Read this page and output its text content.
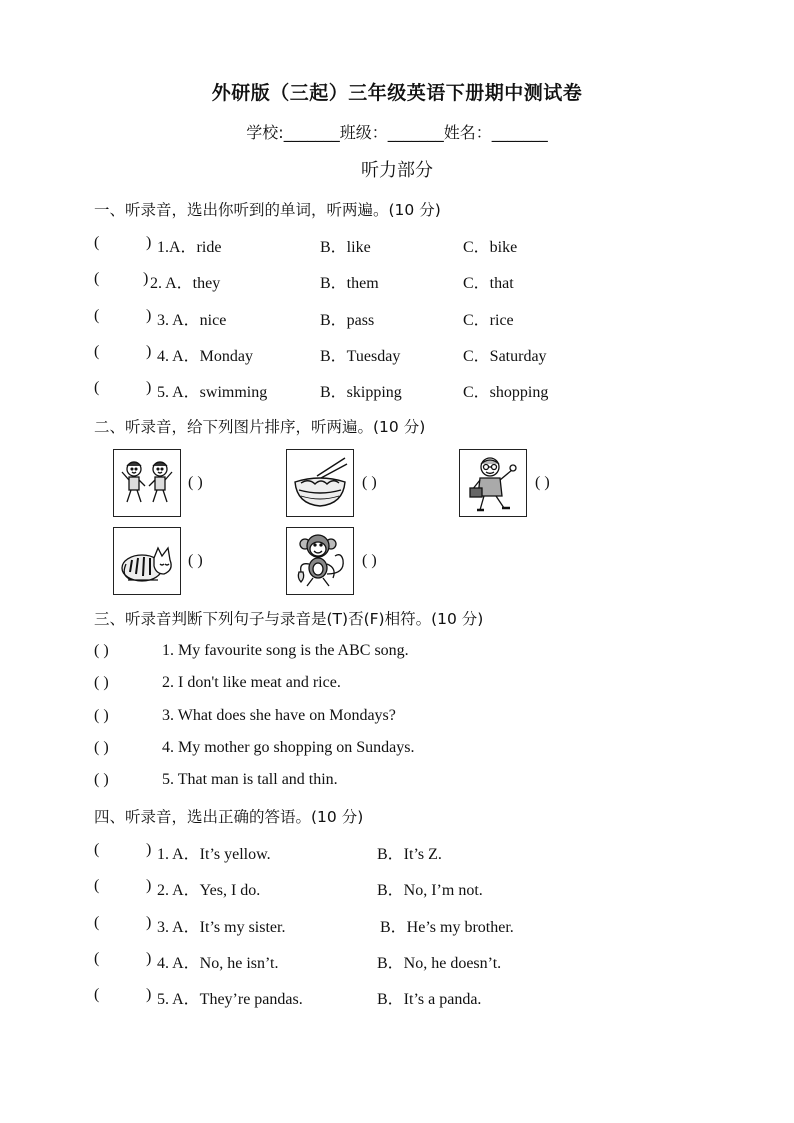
外研版（三起）三年级英语下册期中测试卷
学校:_______班级：_______姓名：_______
听力部分
一、听录音，选出你听到的单词，听两遍。(10 分)
(	) 1.A．ride	B．like	C．bike
(	) 2. A．they	B．them	C．that
(	) 3. A．nice	B．pass	C．rice
(	) 4. A．Monday	B．Tuesday	C．Saturday
(	) 5. A．swimming	B．skipping	C．shopping
二、听录音，给下列图片排序，听两遍。(10 分)
( )	( )	( )
( )	( )
三、听录音判断下列句子与录音是(T)否(F)相符。(10 分)
( )	1. My favourite song is the ABC song.
( )	2. I don't like meat and rice.
( )	3. What does she have on Mondays?
( )	4. My mother go shopping on Sundays.
( )	5. That man is tall and thin.
四、听录音，选出正确的答语。(10 分)
(	) 1. A．It’s yellow.	B．It’s Z.
(	) 2. A．Yes, I do.	B．No, I’m not.
(	) 3. A．It’s my sister.	B．He’s my brother.
(	) 4. A．No, he isn’t.	B．No, he doesn’t.
(	) 5. A．They’re pandas.	B．It’s a panda.
